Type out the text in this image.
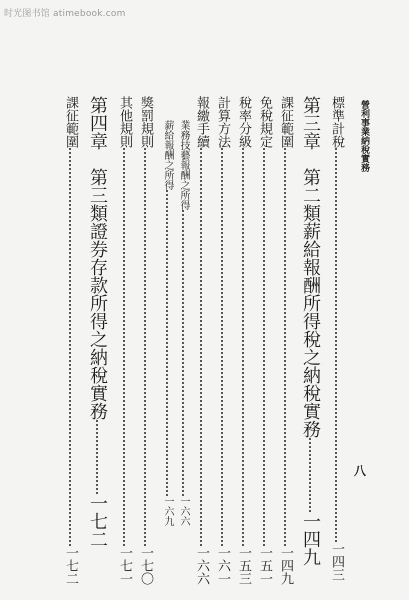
时光图书馆 atimebook.com
營利事業納稅實務
八
標準計稅一四三
第三章　第二類薪給報酬所得稅之納稅實務一四九
課征範圍一四九
免稅規定一五一
稅率分級一五三
計算方法一六一
報繳手續一六六
業務技藝報酬之所得一六六
薪給報酬之所得一六九
獎罰規則一七〇
其他規則一七一
第四章　第三類證券存款所得之納稅實務一七二
課征範圍一七二
